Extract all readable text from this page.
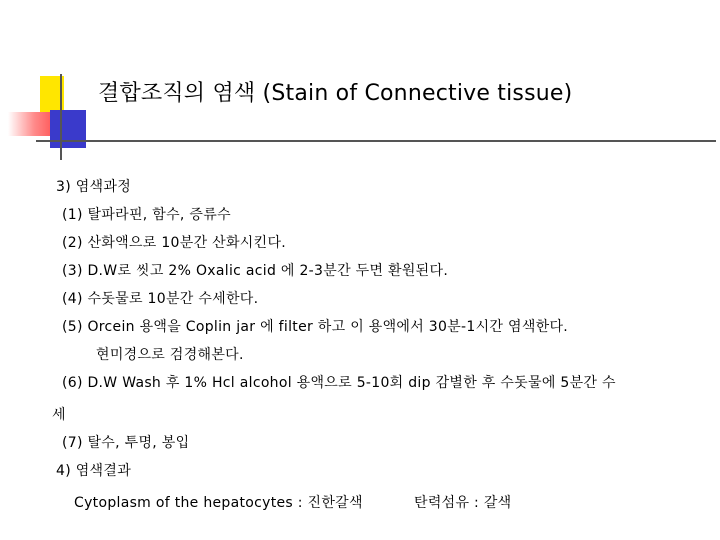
결합조직의 염색 (Stain of Connective tissue)
3) 염색과정
(1) 탈파라핀, 함수, 증류수
(2) 산화액으로 10분간 산화시킨다.
(3) D.W로 씻고 2% Oxalic acid 에 2-3분간 두면 환원된다.
(4) 수돗물로 10분간 수세한다.
(5) Orcein 용액을 Coplin jar 에 filter 하고 이 용액에서 30분-1시간 염색한다.
현미경으로 검경해본다.
(6) D.W Wash 후 1% Hcl alcohol 용액으로 5-10회 dip 감별한 후 수돗물에 5분간 수
세
(7) 탈수, 투명, 봉입
4) 염색결과
Cytoplasm of the hepatocytes : 진한갈색	탄력섬유 : 갈색
